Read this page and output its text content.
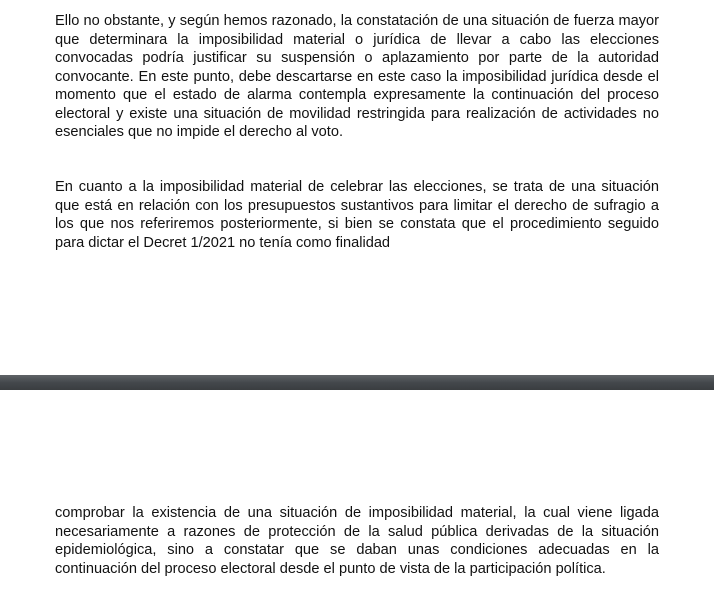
Ello no obstante, y según hemos razonado, la constatación de una situación de fuerza mayor que determinara la imposibilidad material o jurídica de llevar a cabo las elecciones convocadas podría justificar su suspensión o aplazamiento por parte de la autoridad convocante. En este punto, debe descartarse en este caso la imposibilidad jurídica desde el momento que el estado de alarma contempla expresamente la continuación del proceso electoral y existe una situación de movilidad restringida para realización de actividades no esenciales que no impide el derecho al voto.

En cuanto a la imposibilidad material de celebrar las elecciones, se trata de una situación que está en relación con los presupuestos sustantivos para limitar el derecho de sufragio a los que nos referiremos posteriormente, si bien se constata que el procedimiento seguido para dictar el Decret 1/2021 no tenía como finalidad

comprobar la existencia de una situación de imposibilidad material, la cual viene ligada necesariamente a razones de protección de la salud pública derivadas de la situación epidemiológica, sino a constatar que se daban unas condiciones adecuadas en la continuación del proceso electoral desde el punto de vista de la participación política.
